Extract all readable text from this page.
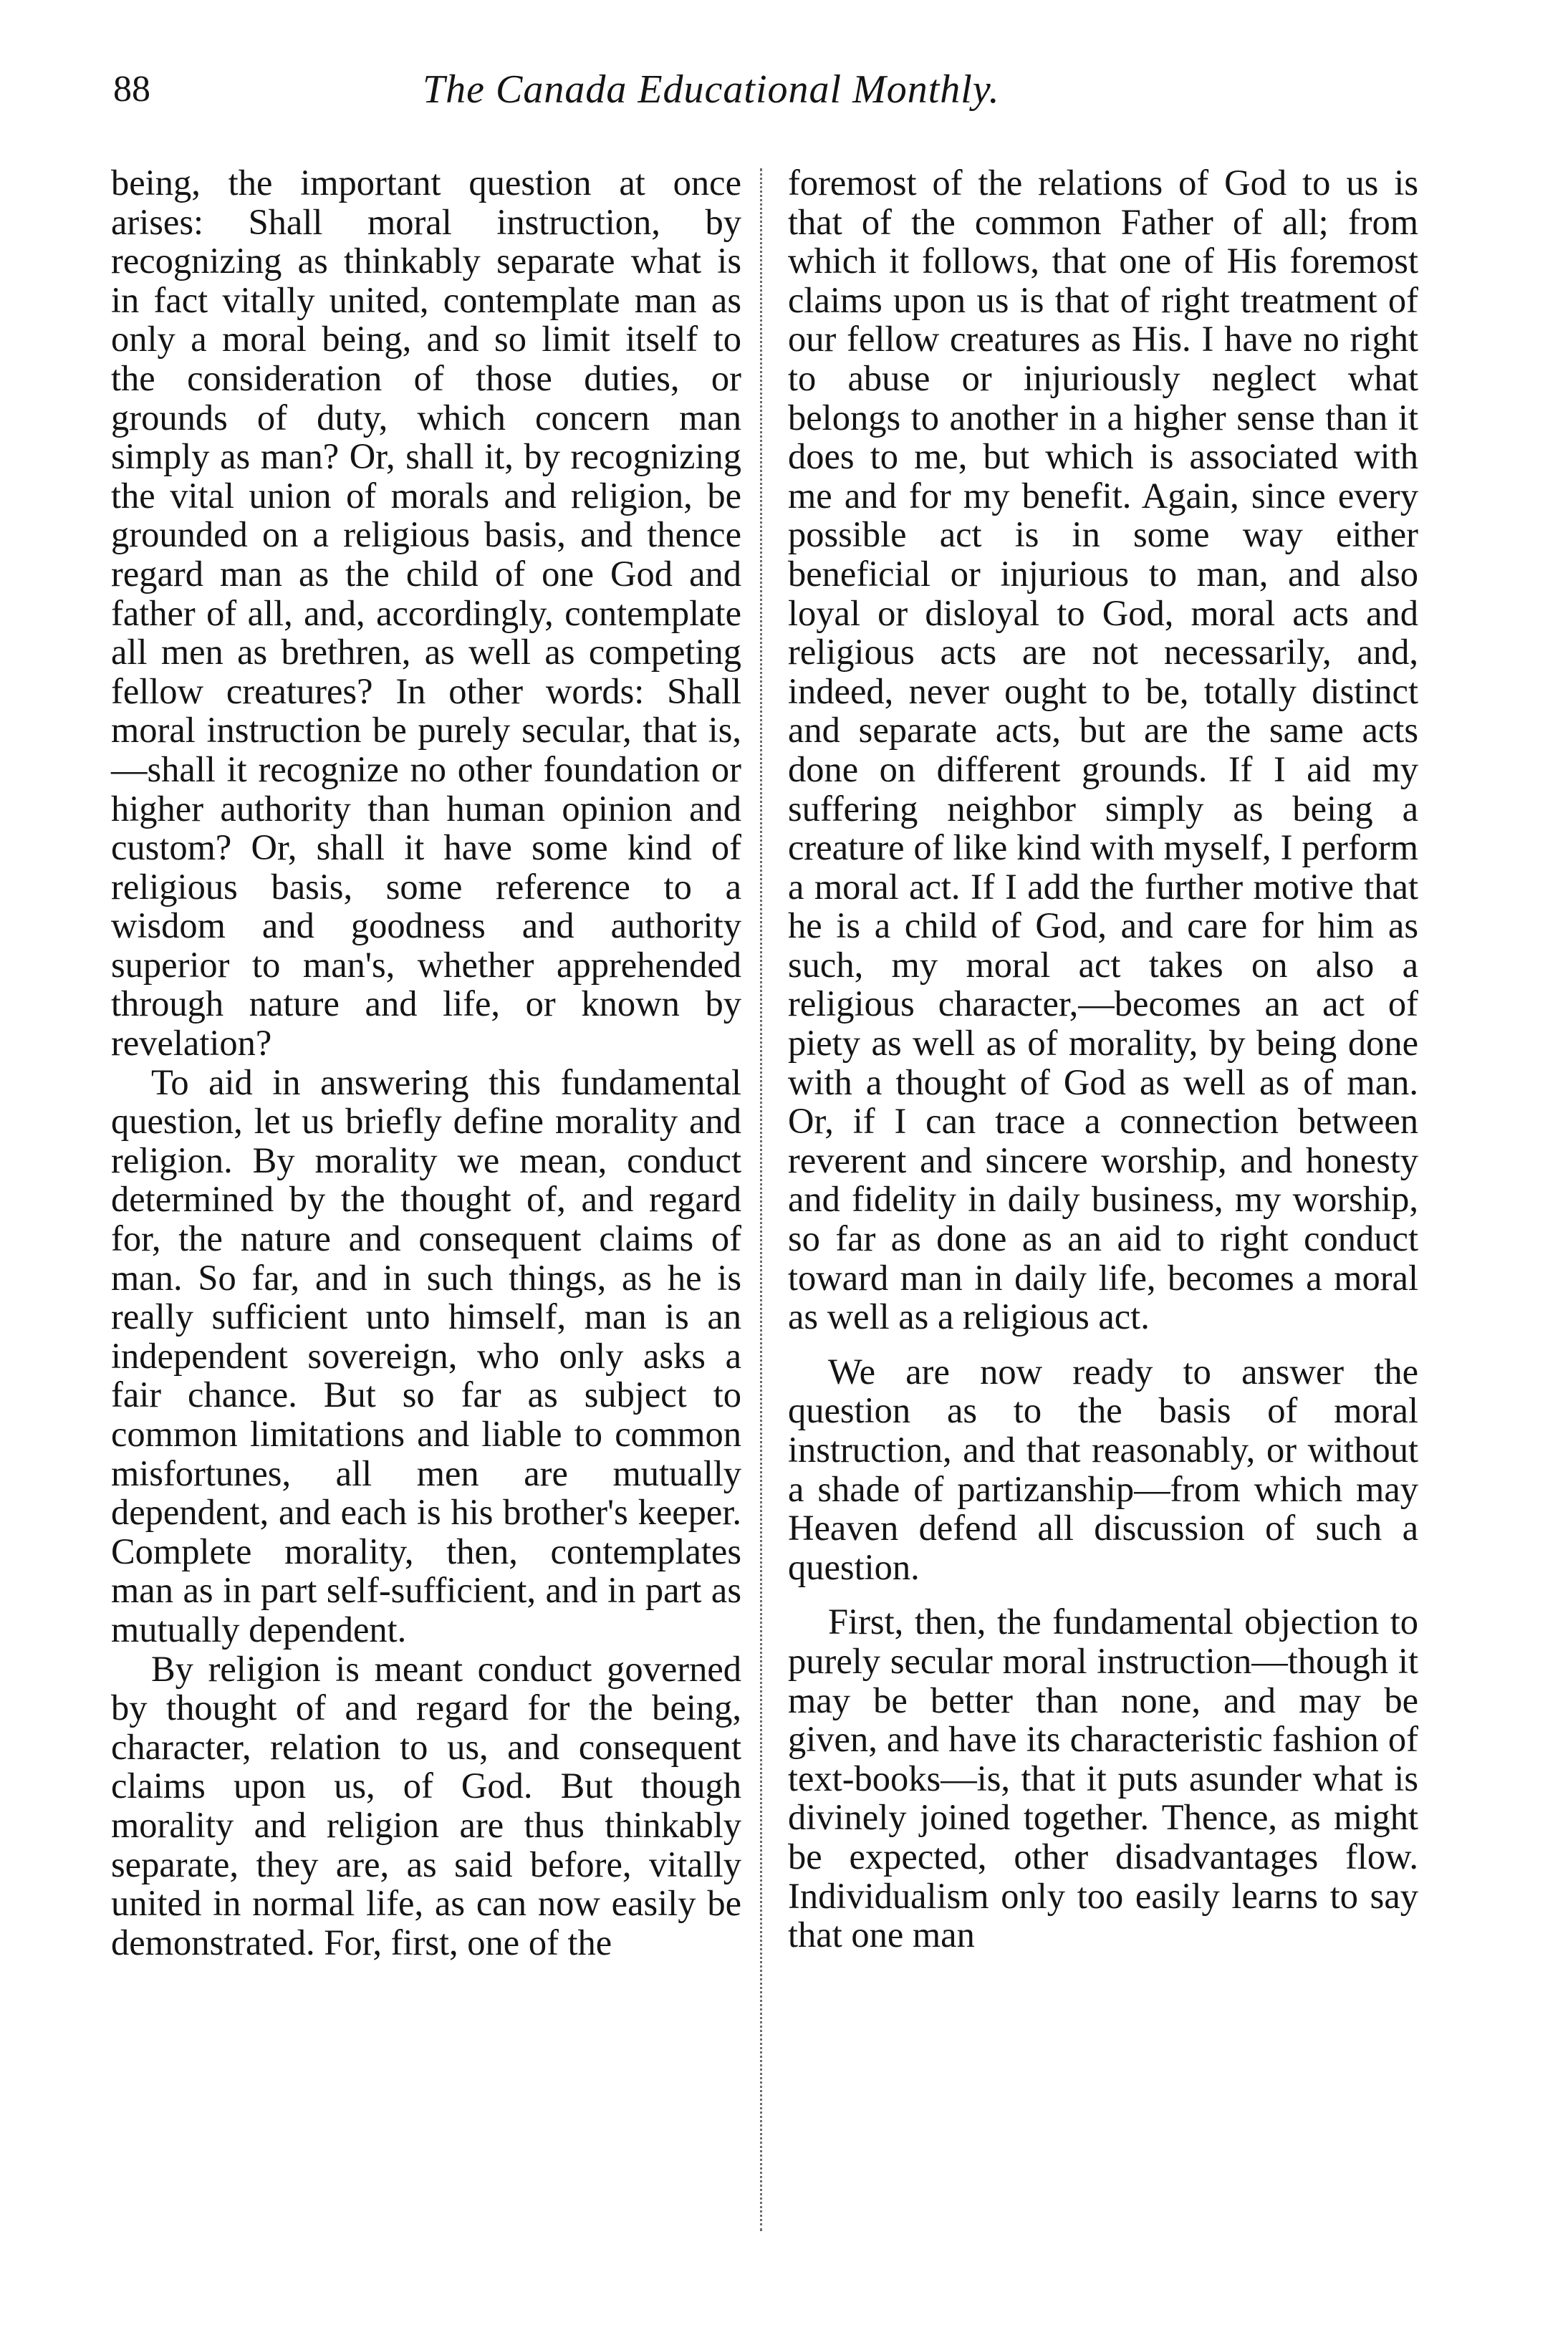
88	The Canada Educational Monthly.

being, the important question at once arises: Shall moral instruction, by recognizing as thinkably separate what is in fact vitally united, contemplate man as only a moral being, and so limit itself to the consideration of those duties, or grounds of duty, which concern man simply as man? Or, shall it, by recognizing the vital union of morals and religion, be grounded on a religious basis, and thence regard man as the child of one God and father of all, and, accordingly, contemplate all men as brethren, as well as competing fellow creatures? In other words: Shall moral instruction be purely secular, that is,—shall it recognize no other foundation or higher authority than human opinion and custom? Or, shall it have some kind of religious basis, some reference to a wisdom and goodness and authority superior to man's, whether apprehended through nature and life, or known by revelation?

To aid in answering this fundamental question, let us briefly define morality and religion. By morality we mean, conduct determined by the thought of, and regard for, the nature and consequent claims of man. So far, and in such things, as he is really sufficient unto himself, man is an independent sovereign, who only asks a fair chance. But so far as subject to common limitations and liable to common misfortunes, all men are mutually dependent, and each is his brother's keeper. Complete morality, then, contemplates man as in part self-sufficient, and in part as mutually dependent.

By religion is meant conduct governed by thought of and regard for the being, character, relation to us, and consequent claims upon us, of God. But though morality and religion are thus thinkably separate, they are, as said before, vitally united in normal life, as can now easily be demonstrated. For, first, one of the

foremost of the relations of God to us is that of the common Father of all; from which it follows, that one of His foremost claims upon us is that of right treatment of our fellow creatures as His. I have no right to abuse or injuriously neglect what belongs to another in a higher sense than it does to me, but which is associated with me and for my benefit. Again, since every possible act is in some way either beneficial or injurious to man, and also loyal or disloyal to God, moral acts and religious acts are not necessarily, and, indeed, never ought to be, totally distinct and separate acts, but are the same acts done on different grounds. If I aid my suffering neighbor simply as being a creature of like kind with myself, I perform a moral act. If I add the further motive that he is a child of God, and care for him as such, my moral act takes on also a religious character,—becomes an act of piety as well as of morality, by being done with a thought of God as well as of man. Or, if I can trace a connection between reverent and sincere worship, and honesty and fidelity in daily business, my worship, so far as done as an aid to right conduct toward man in daily life, becomes a moral as well as a religious act.

We are now ready to answer the question as to the basis of moral instruction, and that reasonably, or without a shade of partizanship—from which may Heaven defend all discussion of such a question.

First, then, the fundamental objection to purely secular moral instruction—though it may be better than none, and may be given, and have its characteristic fashion of text-books—is, that it puts asunder what is divinely joined together. Thence, as might be expected, other disadvantages flow. Individualism only too easily learns to say that one man
